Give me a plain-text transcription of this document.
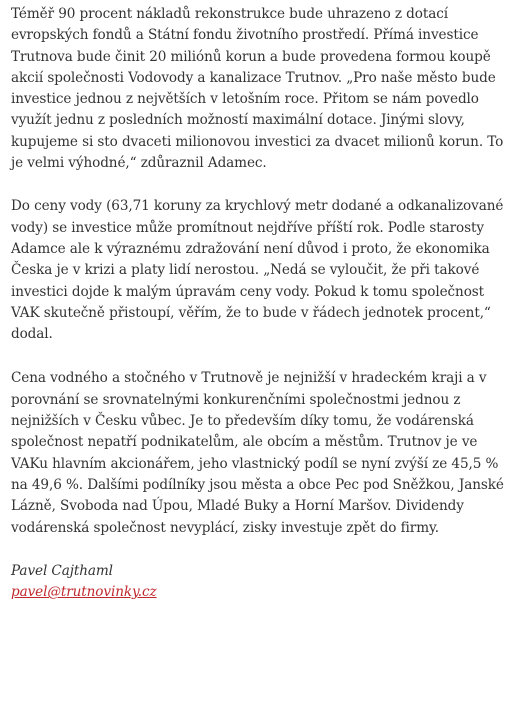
Téměř 90 procent nákladů rekonstrukce bude uhrazeno z dotací evropských fondů a Státní fondu životního prostředí. Přímá investice Trutnova bude činit 20 miliónů korun a bude provedena formou koupě akcií společnosti Vodovody a kanalizace Trutnov. „Pro naše město bude investice jednou z největších v letošním roce. Přitom se nám povedlo využít jednu z posledních možností maximální dotace. Jinými slovy, kupujeme si sto dvaceti milionovou investici za dvacet milionů korun. To je velmi výhodné,“ zdůraznil Adamec.

Do ceny vody (63,71 koruny za krychlový metr dodané a odkanalizované vody) se investice může promítnout nejdříve příští rok. Podle starosty Adamce ale k výraznému zdražování není důvod i proto, že ekonomika Česka je v krizi a platy lidí nerostou. „Nedá se vyloučit, že při takové investici dojde k malým úpravám ceny vody. Pokud k tomu společnost VAK skutečně přistoupí, věřím, že to bude v řádech jednotek procent,“ dodal.

Cena vodného a stočného v Trutnově je nejnižší v hradeckém kraji a v porovnání se srovnatelnými konkurenčními společnostmi jednou z nejnižších v Česku vůbec. Je to především díky tomu, že vodárenská společnost nepatří podnikatelům, ale obcím a městům. Trutnov je ve VAKu hlavním akcionářem, jeho vlastnický podíl se nyní zvýší ze 45,5 % na 49,6 %. Dalšími podílníky jsou města a obce Pec pod Sněžkou, Janské Lázně, Svoboda nad Úpou, Mladé Buky a Horní Maršov. Dividendy vodárenská společnost nevyplácí, zisky investuje zpět do firmy.

Pavel Cajthaml
pavel@trutnovinky.cz
